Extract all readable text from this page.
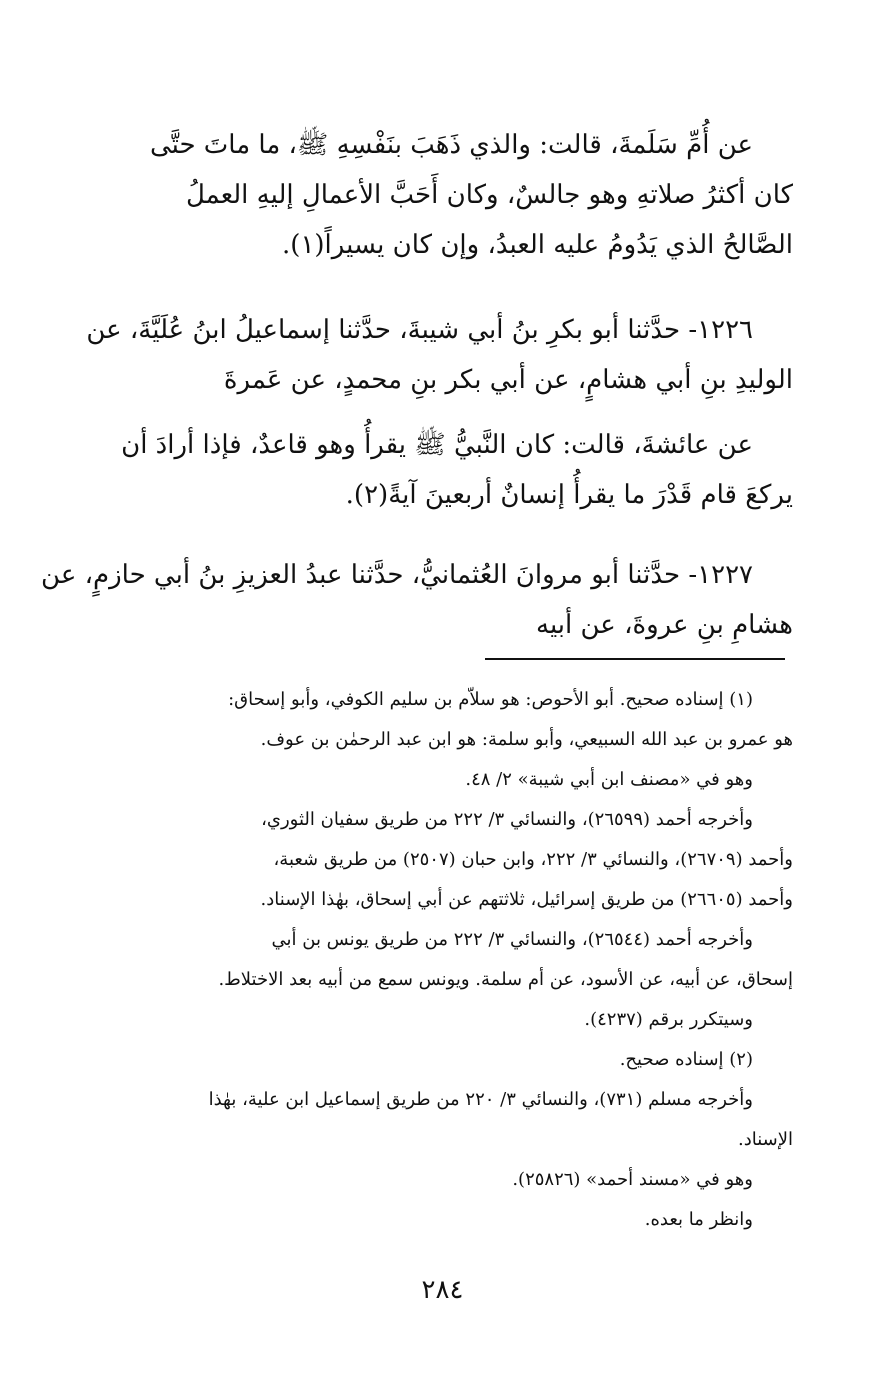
عن أُمِّ سَلَمةَ، قالت: والذي ذَهَبَ بنَفْسِهِ ﷺ، ما ماتَ حتَّى
كان أكثرُ صلاتهِ وهو جالسٌ، وكان أَحَبَّ الأعمالِ إليهِ العملُ
الصَّالحُ الذي يَدُومُ عليه العبدُ، وإن كان يسيراً(١).
١٢٢٦- حدَّثنا أبو بكرِ بنُ أبي شيبةَ، حدَّثنا إسماعيلُ ابنُ عُلَيَّةَ، عن
الوليدِ بنِ أبي هشامٍ، عن أبي بكر بنِ محمدٍ، عن عَمرةَ
عن عائشةَ، قالت: كان النَّبيُّ ﷺ يقرأُ وهو قاعدٌ، فإذا أرادَ أن
يركعَ قام قَدْرَ ما يقرأُ إنسانٌ أربعينَ آيةً(٢).
١٢٢٧- حدَّثنا أبو مروانَ العُثمانيُّ، حدَّثنا عبدُ العزيزِ بنُ أبي حازمٍ، عن
هشامِ بنِ عروةَ، عن أبيه
(١) إسناده صحيح. أبو الأحوص: هو سلاّم بن سليم الكوفي، وأبو إسحاق:
هو عمرو بن عبد الله السبيعي، وأبو سلمة: هو ابن عبد الرحمٰن بن عوف.
وهو في «مصنف ابن أبي شيبة» ٢/ ٤٨.
وأخرجه أحمد (٢٦٥٩٩)، والنسائي ٣/ ٢٢٢ من طريق سفيان الثوري،
وأحمد (٢٦٧٠٩)، والنسائي ٣/ ٢٢٢، وابن حبان (٢٥٠٧) من طريق شعبة،
وأحمد (٢٦٦٠٥) من طريق إسرائيل، ثلاثتهم عن أبي إسحاق، بهٰذا الإسناد.
وأخرجه أحمد (٢٦٥٤٤)، والنسائي ٣/ ٢٢٢ من طريق يونس بن أبي
إسحاق، عن أبيه، عن الأسود، عن أم سلمة. ويونس سمع من أبيه بعد الاختلاط.
وسيتكرر برقم (٤٢٣٧).
(٢) إسناده صحيح.
وأخرجه مسلم (٧٣١)، والنسائي ٣/ ٢٢٠ من طريق إسماعيل ابن علية، بهٰذا
الإسناد.
وهو في «مسند أحمد» (٢٥٨٢٦).
وانظر ما بعده.
٢٨٤
